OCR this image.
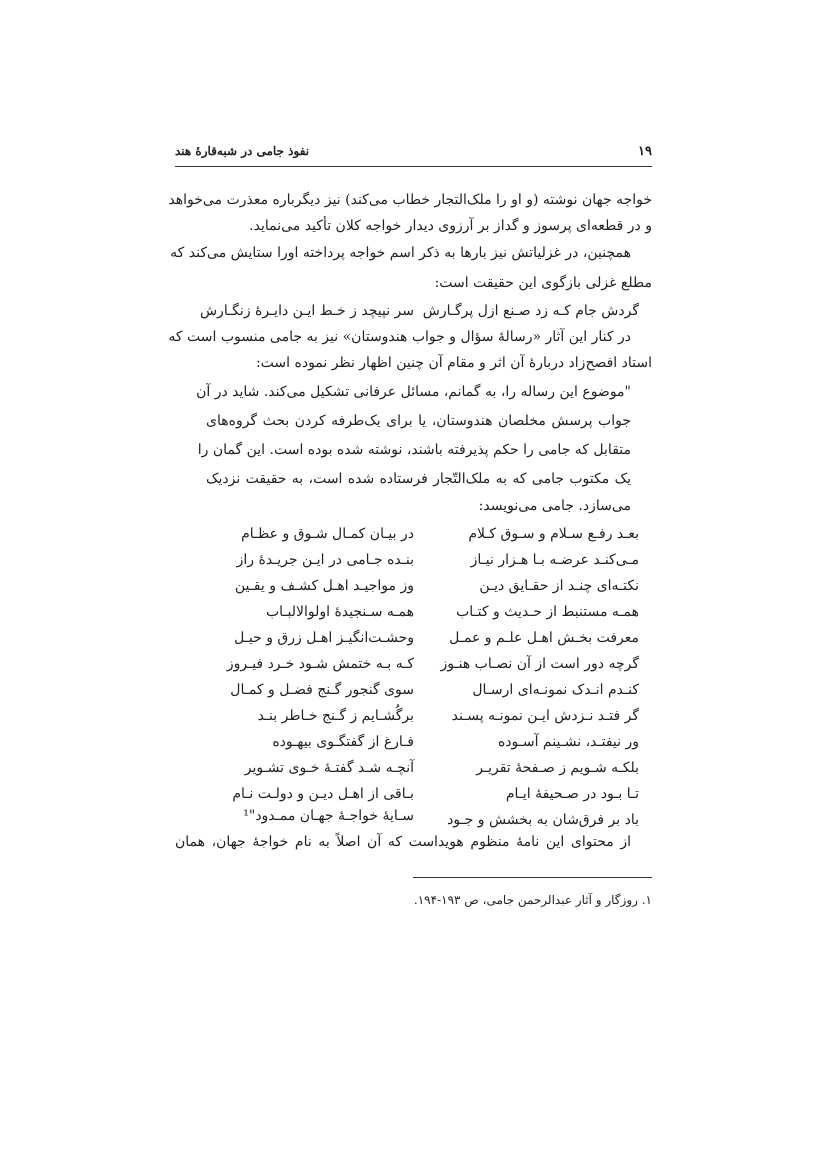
نفوذ جامی در شبه‌قارهٔ هند	۱۹
خواجه جهان نوشته (و او را ملک‌التجار خطاب می‌کند) نیز دیگرباره معذرت می‌خواهد
و در قطعه‌ای پرسوز و گداز بر آرزوی دیدار خواجه کلان تأکید می‌نماید.
همچنین، در غزلیاتش نیز بارها به ذکر اسم خواجه پرداخته اورا ستایش می‌کند که
مطلع غزلی بازگوی این حقیقت است:
گردش جام کـه زد صـنع ازل پرگـارش
سر نپیچد ز خـط ایـن دایـرهٔ زنگـارش
در کنار این آثار «رسالهٔ سؤال و جواب هندوستان» نیز به جامی منسوب است که
استاد افصح‌زاد دربارهٔ آن اثر و مقام آن چنین اظهار نظر نموده است:
"موضوع این رساله را، به گمانم، مسائل عرفانی تشکیل می‌کند. شاید در آن
جواب پرسش مخلصان هندوستان، یا برای یک‌طرفه کردن بحث گروه‌های
متقابل که جامی را حکم پذیرفته باشند، نوشته شده بوده است. این گمان را
یک مکتوب جامی که به ملک‌التّجار فرستاده شده است، به حقیقت نزدیک
می‌سازد. جامی می‌نویسد:
بعـد رفـع سـلام و سـوق کـلام
در بیـان کمـال شـوق و عظـام
مـی‌کنـد عرضـه بـا هـزار نیـاز
بنـده جـامی در ایـن جریـدهٔ راز
نکتـه‌ای چنـد از حقـایق دیـن
وز مواجیـد اهـل کشـف و یقـین
همـه مستنبط از حـدیث و کتـاب
همـه سـنجیدهٔ اولوالالبـاب
معرفت بخـش اهـل علـم و عمـل
وحشـت‌انگیـز اهـل زرق و حیـل
گرچه دور است از آن نصـاب هنـوز
کـه بـه ختمش شـود خـرد فیـروز
کنـدم انـدک نمونـه‌ای ارسـال
سوی گنجور گـنج فضـل و کمـال
گر فتـد نـزدش ایـن نمونـه پسـند
برگُشـایم ز گـنج خـاطر بنـد
ور نیفتـد، نشـینم آسـوده
فـارغ از گفتگـوی بیهـوده
بلکـه شـویم ز صـفحهٔ تقریـر
آنچـه شـد گفتـهٔ خـوی تشـویر
تـا بـود در صـحیفهٔ ایـام
بـاقی از اهـل دیـن و دولـت نـام
باد بر فرق‌شان به بخشش و جـود
سـایهٔ خواجـهٔ جهـان ممـدود"¹
از محتوای این نامهٔ منظوم هویداست که آن اصلاً به نام خواجهٔ جهان، همان
۱. روزگار و آثار عبدالرحمن جامی، ص ۱۹۳-۱۹۴.
